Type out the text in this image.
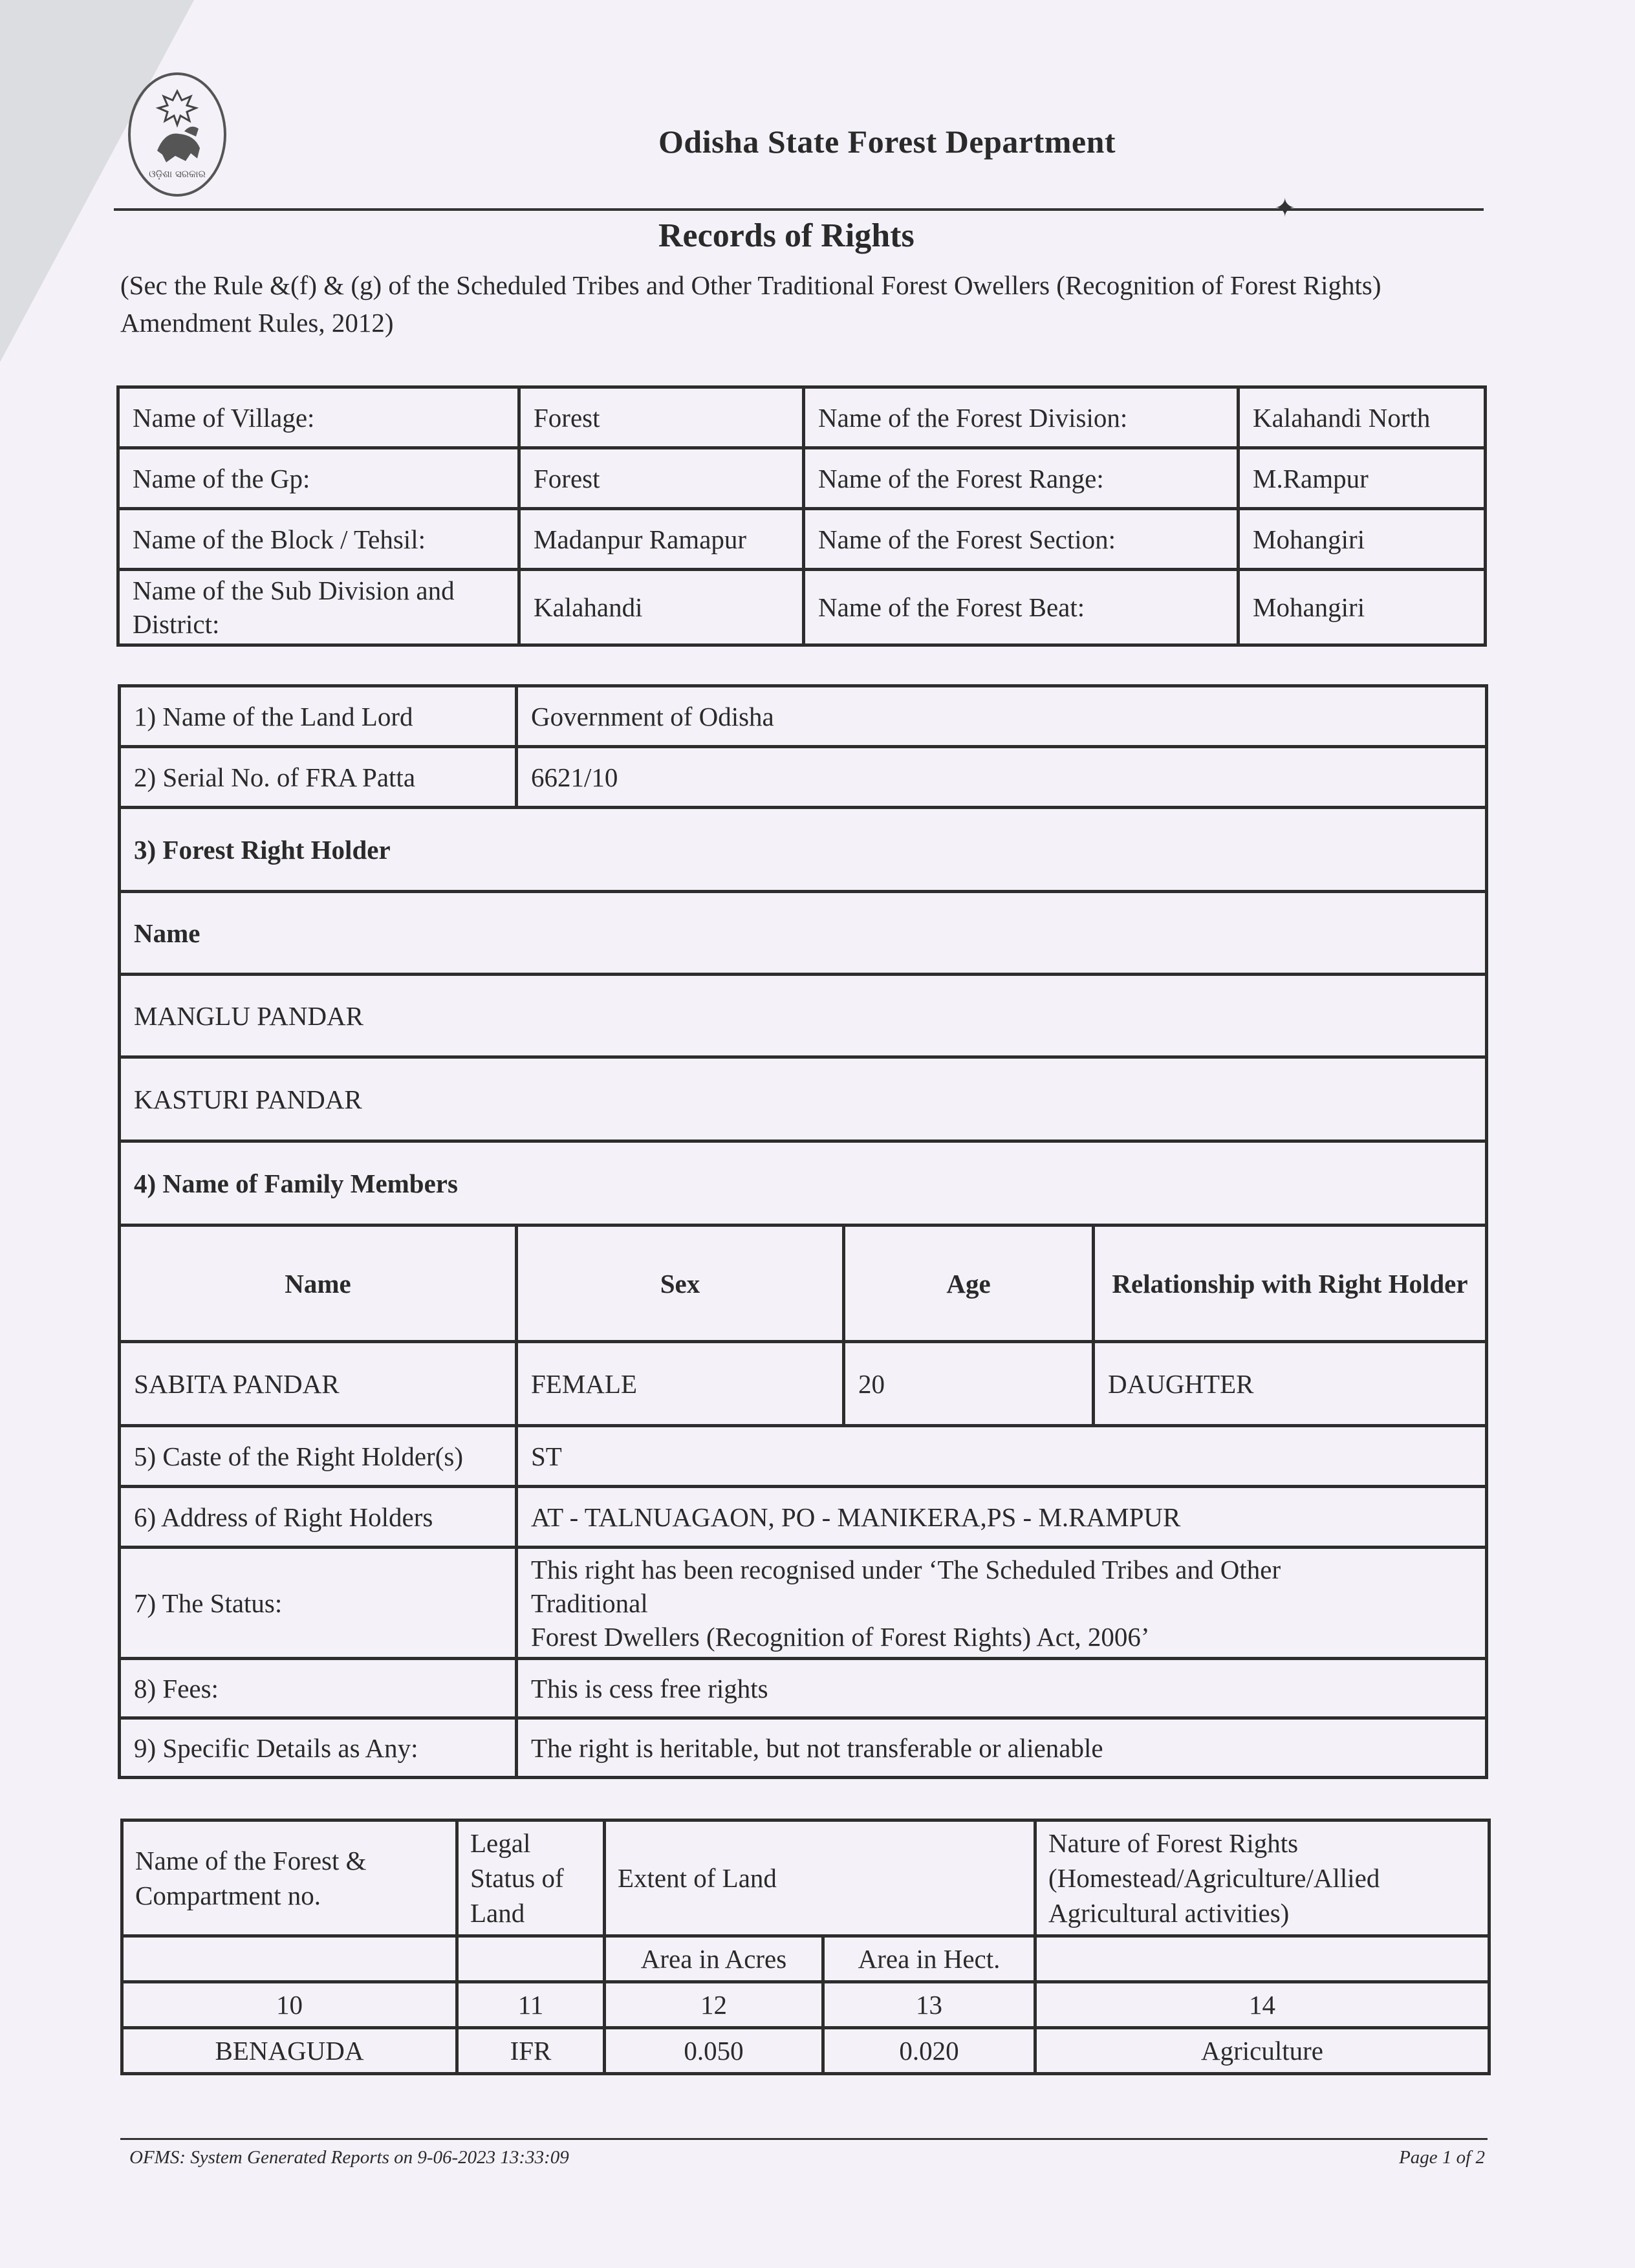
ଓଡ଼ିଶା ସରକାର
Odisha State Forest Department
✦
Records of Rights
(Sec the Rule &(f) & (g) of the Scheduled Tribes and Other Traditional Forest Owellers (Recognition of Forest Rights) Amendment Rules, 2012)
Name of Village:	Forest	Name of the Forest Division:	Kalahandi North
Name of the Gp:	Forest	Name of the Forest Range:	M.Rampur
Name of the Block / Tehsil:	Madanpur Ramapur	Name of the Forest Section:	Mohangiri
Name of the Sub Division and District:	Kalahandi	Name of the Forest Beat:	Mohangiri
1) Name of the Land Lord	Government of Odisha		
2) Serial No. of FRA Patta	6621/10		
3) Forest Right Holder			
Name			
MANGLU PANDAR			
KASTURI PANDAR			
4) Name of Family Members			
Name	Sex	Age	Relationship with Right Holder
SABITA PANDAR	FEMALE	20	DAUGHTER
5) Caste of the Right Holder(s)	ST		
6) Address of Right Holders	AT - TALNUAGAON, PO - MANIKERA,PS - M.RAMPUR		
7) The Status:	This right has been recognised under ‘The Scheduled Tribes and Other
Traditional
Forest Dwellers (Recognition of Forest Rights) Act, 2006’		

8) Fees:	This is cess free rights		
9) Specific Details as Any:	The right is heritable, but not transferable or alienable		
Name of the Forest & Compartment no.	Legal Status of Land	Extent of Land		Nature of Forest Rights (Homestead/Agriculture/Allied Agricultural activities)
		Area in Acres	Area in Hect.	
10	11	12	13	14
BENAGUDA	IFR	0.050	0.020	Agriculture
OFMS: System Generated Reports on 9-06-2023 13:33:09	Page 1 of 2
